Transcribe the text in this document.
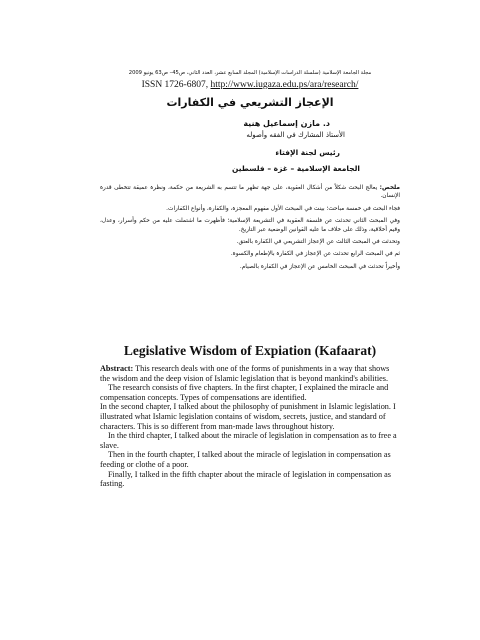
مجلة الجامعة الإسلامية (سلسلة الدراسات الإسلامية) المجلد السابع عشر، العدد الثاني، ص45– ص63 يونيو 2009
ISSN 1726-6807, http://www.iugaza.edu.ps/ara/research/
الإعجاز التشريعي في الكفارات
د. مازن إسماعيل هنية
الأستاذ المشارك في الفقه وأصوله
رئيس لجنة الإفتاء
الجامعة الإسلامية – غزة – فلسطين

ملخص: يعالج البحث شكلاً من أشكال العقوبة، على جهة تظهر ما تتسم به الشريعة من حكمة، ونظرة عميقة تتخطى قدرة الإنسان.

فجاء البحث في خمسة مباحث؛ بينت في المبحث الأول مفهوم المعجزة، والكفارة، وأنواع الكفارات.

وفي المبحث الثاني تحدثت عن فلسفة العقوبة في التشريعة الإسلامية؛ فأظهرت ما اشتملت عليه من حكم وأسرار، وعدل، وقيم أخلاقية، وذلك على خلاف ما عليه القوانين الوضعية عبر التاريخ.

وتحدثت في المبحث الثالث عن الإعجاز التشريعي في الكفارة بالعتق.

ثم في المبحث الرابع تحدثت عن الإعجاز في الكفارة بالإطعام والكسوة.

وأخيراً تحدثت في المبحث الخامس عن الإعجاز في الكفارة بالصيام.

Legislative Wisdom of Expiation (Kafaarat)

Abstract: This research deals with one of the forms of punishments in a way that shows the wisdom and the deep vision of Islamic legislation that is beyond mankind's abilities.

The research consists of five chapters. In the first chapter, I explained the miracle and compensation concepts. Types of compensations are identified.

In the second chapter, I talked about the philosophy of punishment in Islamic legislation. I illustrated what Islamic legislation contains of wisdom, secrets, justice, and standard of characters. This is so different from man-made laws throughout history.

In the third chapter, I talked about the miracle of legislation in compensation as to free a slave.

Then in the fourth chapter, I talked about the miracle of legislation in compensation as feeding or clothe of a poor.

Finally, I talked in the fifth chapter about the miracle of legislation in compensation as fasting.
